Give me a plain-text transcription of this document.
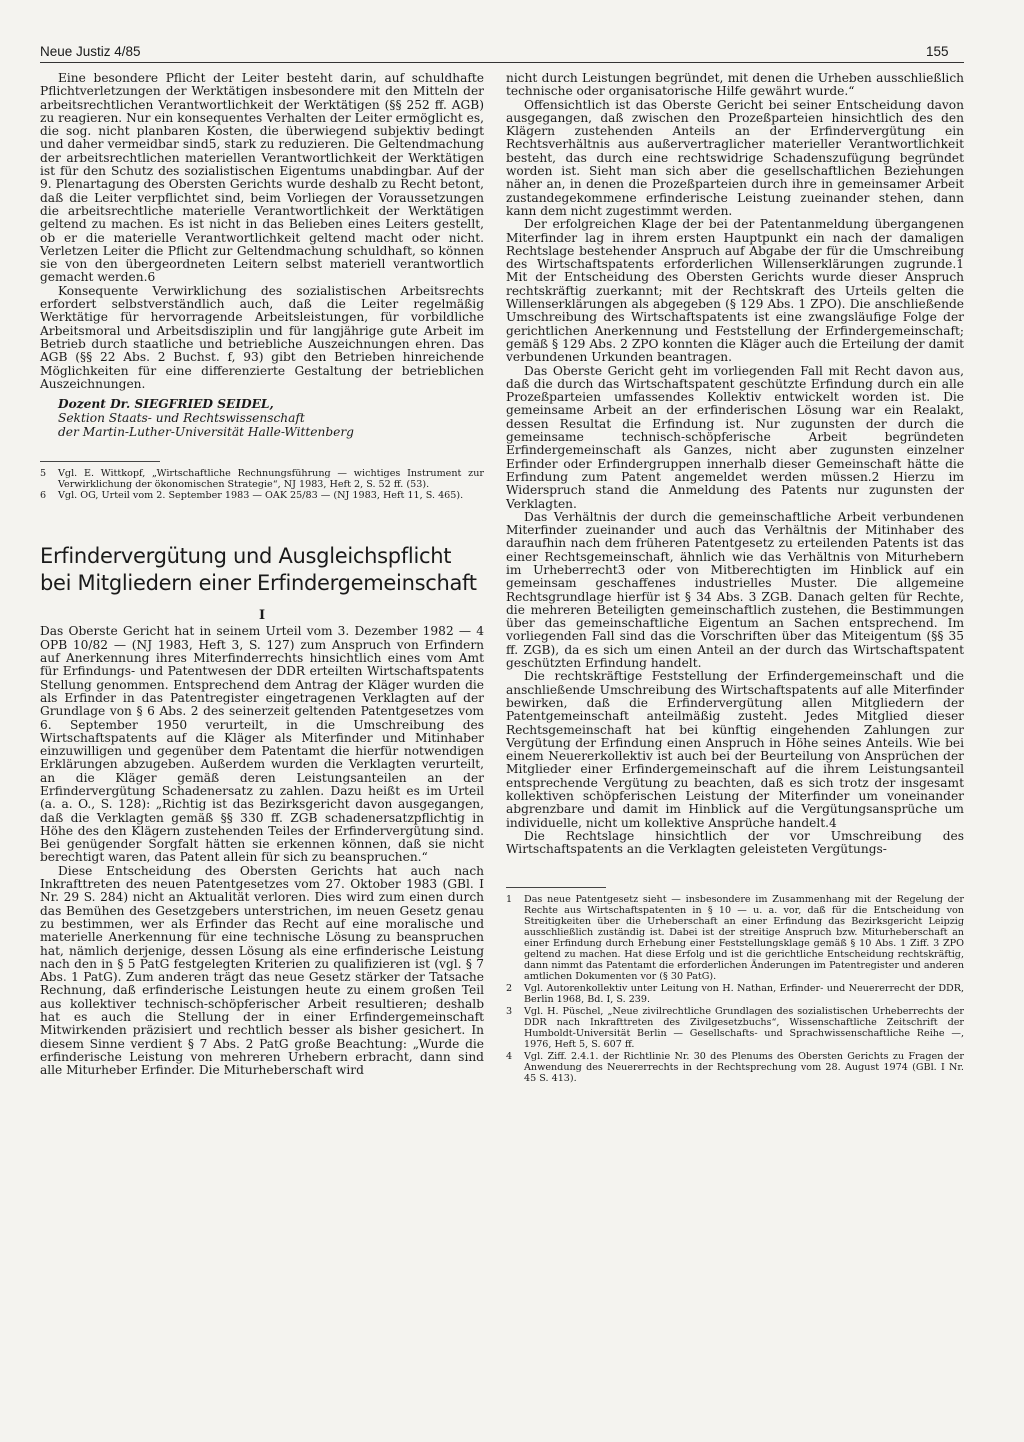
Neue Justiz 4/85	155

Eine besondere Pflicht der Leiter besteht darin, auf schuldhafte Pflichtverletzungen der Werktätigen insbesondere mit den Mitteln der arbeitsrechtlichen Verantwortlichkeit der Werktätigen (§§ 252 ff. AGB) zu reagieren. Nur ein konsequentes Verhalten der Leiter ermöglicht es, die sog. nicht planbaren Kosten, die überwiegend subjektiv bedingt und daher vermeidbar sind5, stark zu reduzieren. Die Geltendmachung der arbeitsrechtlichen materiellen Verantwortlichkeit der Werktätigen ist für den Schutz des sozialistischen Eigentums unabdingbar. Auf der 9. Plenartagung des Obersten Gerichts wurde deshalb zu Recht betont, daß die Leiter verpflichtet sind, beim Vorliegen der Voraussetzungen die arbeitsrechtliche materielle Verantwortlichkeit der Werktätigen geltend zu machen. Es ist nicht in das Belieben eines Leiters gestellt, ob er die materielle Verantwortlichkeit geltend macht oder nicht. Verletzen Leiter die Pflicht zur Geltendmachung schuldhaft, so können sie von den übergeordneten Leitern selbst materiell verantwortlich gemacht werden.6

Konsequente Verwirklichung des sozialistischen Arbeitsrechts erfordert selbstverständlich auch, daß die Leiter regelmäßig Werktätige für hervorragende Arbeitsleistungen, für vorbildliche Arbeitsmoral und Arbeitsdisziplin und für langjährige gute Arbeit im Betrieb durch staatliche und betriebliche Auszeichnungen ehren. Das AGB (§§ 22 Abs. 2 Buchst. f, 93) gibt den Betrieben hinreichende Möglichkeiten für eine differenzierte Gestaltung der betrieblichen Auszeichnungen.

Dozent Dr. SIEGFRIED SEIDEL,
Sektion Staats- und Rechtswissenschaft
der Martin-Luther-Universität Halle-Wittenberg
5	Vgl. E. Wittkopf, „Wirtschaftliche Rechnungsführung — wichtiges Instrument zur Verwirklichung der ökonomischen Strategie“, NJ 1983, Heft 2, S. 52 ff. (53).
6	Vgl. OG, Urteil vom 2. September 1983 — OAK 25/83 — (NJ 1983, Heft 11, S. 465).
Erfindervergütung und Ausgleichspflicht
bei Mitgliedern einer Erfindergemeinschaft
I

Das Oberste Gericht hat in seinem Urteil vom 3. Dezember 1982 — 4 OPB 10/82 — (NJ 1983, Heft 3, S. 127) zum Anspruch von Erfindern auf Anerkennung ihres Miterfinderrechts hinsichtlich eines vom Amt für Erfindungs- und Patentwesen der DDR erteilten Wirtschaftspatents Stellung genommen. Entsprechend dem Antrag der Kläger wurden die als Erfinder in das Patentregister eingetragenen Verklagten auf der Grundlage von § 6 Abs. 2 des seinerzeit geltenden Patentgesetzes vom 6. September 1950 verurteilt, in die Umschreibung des Wirtschaftspatents auf die Kläger als Miterfinder und Mitinhaber einzuwilligen und gegenüber dem Patentamt die hierfür notwendigen Erklärungen abzugeben. Außerdem wurden die Verklagten verurteilt, an die Kläger gemäß deren Leistungsanteilen an der Erfindervergütung Schadenersatz zu zahlen. Dazu heißt es im Urteil (a. a. O., S. 128): „Richtig ist das Bezirksgericht davon ausgegangen, daß die Verklagten gemäß §§ 330 ff. ZGB schadenersatzpflichtig in Höhe des den Klägern zustehenden Teiles der Erfindervergütung sind. Bei genügender Sorgfalt hätten sie erkennen können, daß sie nicht berechtigt waren, das Patent allein für sich zu beanspruchen.“

Diese Entscheidung des Obersten Gerichts hat auch nach Inkrafttreten des neuen Patentgesetzes vom 27. Oktober 1983 (GBl. I Nr. 29 S. 284) nicht an Aktualität verloren. Dies wird zum einen durch das Bemühen des Gesetzgebers unterstrichen, im neuen Gesetz genau zu bestimmen, wer als Erfinder das Recht auf eine moralische und materielle Anerkennung für eine technische Lösung zu beanspruchen hat, nämlich derjenige, dessen Lösung als eine erfinderische Leistung nach den in § 5 PatG festgelegten Kriterien zu qualifizieren ist (vgl. § 7 Abs. 1 PatG). Zum anderen trägt das neue Gesetz stärker der Tatsache Rechnung, daß erfinderische Leistungen heute zu einem großen Teil aus kollektiver technisch-schöpferischer Arbeit resultieren; deshalb hat es auch die Stellung der in einer Erfindergemeinschaft Mitwirkenden präzisiert und rechtlich besser als bisher gesichert. In diesem Sinne verdient § 7 Abs. 2 PatG große Beachtung: „Wurde die erfinderische Leistung von mehreren Urhebern erbracht, dann sind alle Miturheber Erfinder. Die Miturheberschaft wird

nicht durch Leistungen begründet, mit denen die Urheben ausschließlich technische oder organisatorische Hilfe gewährt wurde.“

Offensichtlich ist das Oberste Gericht bei seiner Entscheidung davon ausgegangen, daß zwischen den Prozeßparteien hinsichtlich des den Klägern zustehenden Anteils an der Erfindervergütung ein Rechtsverhältnis aus außervertraglicher materieller Verantwortlichkeit besteht, das durch eine rechtswidrige Schadenszufügung begründet worden ist. Sieht man sich aber die gesellschaftlichen Beziehungen näher an, in denen die Prozeßparteien durch ihre in gemeinsamer Arbeit zustandegekommene erfinderische Leistung zueinander stehen, dann kann dem nicht zugestimmt werden.

Der erfolgreichen Klage der bei der Patentanmeldung übergangenen Miterfinder lag in ihrem ersten Hauptpunkt ein nach der damaligen Rechtslage bestehender Anspruch auf Abgabe der für die Umschreibung des Wirtschaftspatents erforderlichen Willenserklärungen zugrunde.1 Mit der Entscheidung des Obersten Gerichts wurde dieser Anspruch rechtskräftig zuerkannt; mit der Rechtskraft des Urteils gelten die Willenserklärungen als abgegeben (§ 129 Abs. 1 ZPO). Die anschließende Umschreibung des Wirtschaftspatents ist eine zwangsläufige Folge der gerichtlichen Anerkennung und Feststellung der Erfindergemeinschaft; gemäß § 129 Abs. 2 ZPO konnten die Kläger auch die Erteilung der damit verbundenen Urkunden beantragen.

Das Oberste Gericht geht im vorliegenden Fall mit Recht davon aus, daß die durch das Wirtschaftspatent geschützte Erfindung durch ein alle Prozeßparteien umfassendes Kollektiv entwickelt worden ist. Die gemeinsame Arbeit an der erfinderischen Lösung war ein Realakt, dessen Resultat die Erfindung ist. Nur zugunsten der durch die gemeinsame technisch-schöpferische Arbeit begründeten Erfindergemeinschaft als Ganzes, nicht aber zugunsten einzelner Erfinder oder Erfindergruppen innerhalb dieser Gemeinschaft hätte die Erfindung zum Patent angemeldet werden müssen.2 Hierzu im Widerspruch stand die Anmeldung des Patents nur zugunsten der Verklagten.

Das Verhältnis der durch die gemeinschaftliche Arbeit verbundenen Miterfinder zueinander und auch das Verhältnis der Mitinhaber des daraufhin nach dem früheren Patentgesetz zu erteilenden Patents ist das einer Rechtsgemeinschaft, ähnlich wie das Verhältnis von Miturhebern im Urheberrecht3 oder von Mitberechtigten im Hinblick auf ein gemeinsam geschaffenes industrielles Muster. Die allgemeine Rechtsgrundlage hierfür ist § 34 Abs. 3 ZGB. Danach gelten für Rechte, die mehreren Beteiligten gemeinschaftlich zustehen, die Bestimmungen über das gemeinschaftliche Eigentum an Sachen entsprechend. Im vorliegenden Fall sind das die Vorschriften über das Miteigentum (§§ 35 ff. ZGB), da es sich um einen Anteil an der durch das Wirtschaftspatent geschützten Erfindung handelt.

Die rechtskräftige Feststellung der Erfindergemeinschaft und die anschließende Umschreibung des Wirtschaftspatents auf alle Miterfinder bewirken, daß die Erfindervergütung allen Mitgliedern der Patentgemeinschaft anteilmäßig zusteht. Jedes Mitglied dieser Rechtsgemeinschaft hat bei künftig eingehenden Zahlungen zur Vergütung der Erfindung einen Anspruch in Höhe seines Anteils. Wie bei einem Neuererkollektiv ist auch bei der Beurteilung von Ansprüchen der Mitglieder einer Erfindergemeinschaft auf die ihrem Leistungsanteil entsprechende Vergütung zu beachten, daß es sich trotz der insgesamt kollektiven schöpferischen Leistung der Miterfinder um voneinander abgrenzbare und damit im Hinblick auf die Vergütungsansprüche um individuelle, nicht um kollektive Ansprüche handelt.4

Die Rechtslage hinsichtlich der vor Umschreibung des Wirtschaftspatents an die Verklagten geleisteten Vergütungs-

1	Das neue Patentgesetz sieht — insbesondere im Zusammenhang mit der Regelung der Rechte aus Wirtschaftspatenten in § 10 — u. a. vor, daß für die Entscheidung von Streitigkeiten über die Urheberschaft an einer Erfindung das Bezirksgericht Leipzig ausschließlich zuständig ist. Dabei ist der streitige Anspruch bzw. Miturheberschaft an einer Erfindung durch Erhebung einer Feststellungsklage gemäß § 10 Abs. 1 Ziff. 3 ZPO geltend zu machen. Hat diese Erfolg und ist die gerichtliche Entscheidung rechtskräftig, dann nimmt das Patentamt die erforderlichen Änderungen im Patentregister und anderen amtlichen Dokumenten vor (§ 30 PatG).
2	Vgl. Autorenkollektiv unter Leitung von H. Nathan, Erfinder- und Neuererrecht der DDR, Berlin 1968, Bd. I, S. 239.
3	Vgl. H. Püschel, „Neue zivilrechtliche Grundlagen des sozialistischen Urheberrechts der DDR nach Inkrafttreten des Zivilgesetzbuchs“, Wissenschaftliche Zeitschrift der Humboldt-Universität Berlin — Gesellschafts- und Sprachwissenschaftliche Reihe —, 1976, Heft 5, S. 607 ff.
4	Vgl. Ziff. 2.4.1. der Richtlinie Nr. 30 des Plenums des Obersten Gerichts zu Fragen der Anwendung des Neuererrechts in der Rechtsprechung vom 28. August 1974 (GBl. I Nr. 45 S. 413).
